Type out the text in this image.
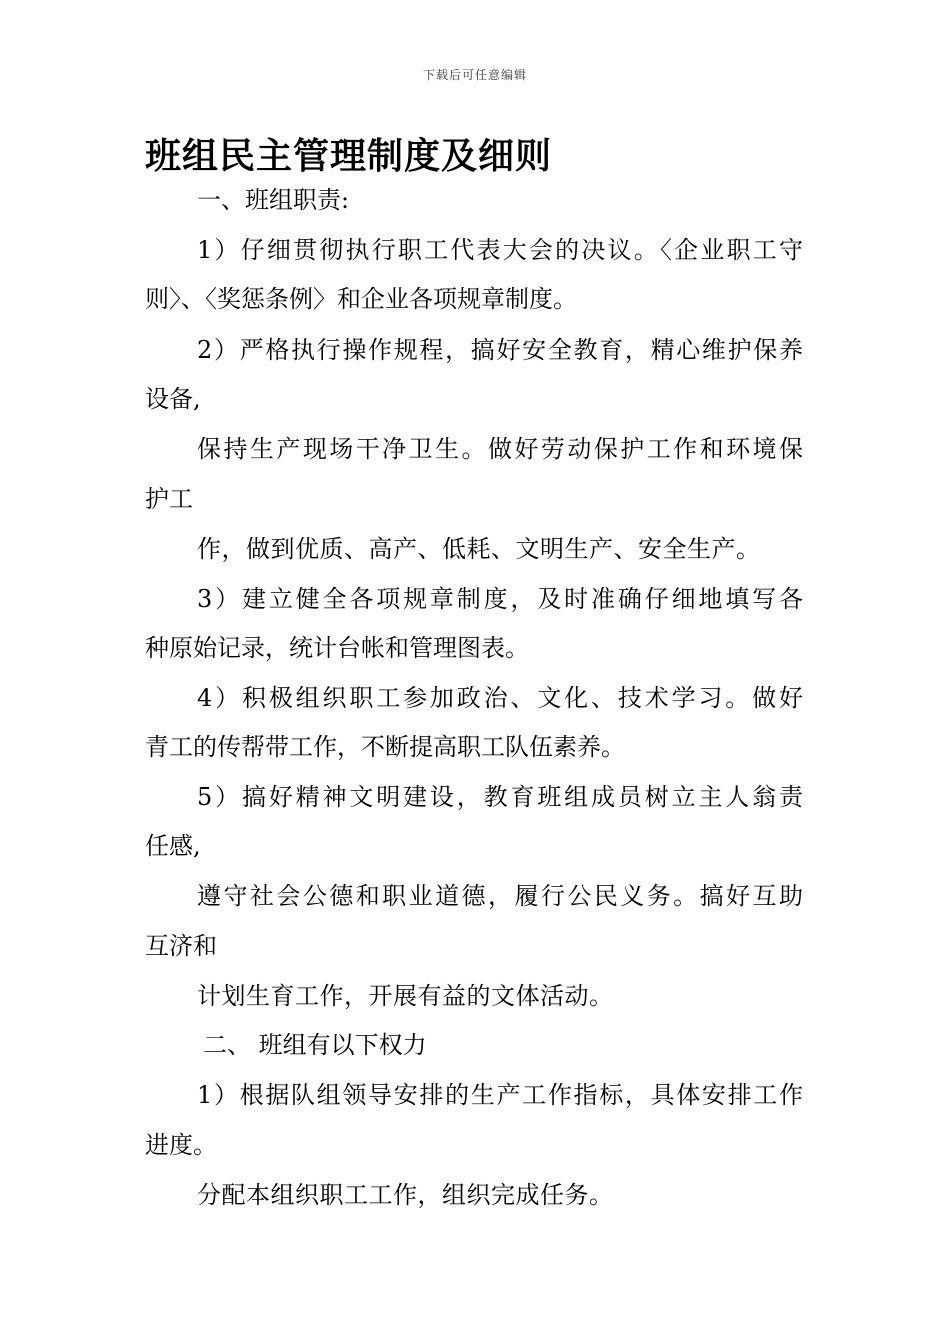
下载后可任意编辑
班组民主管理制度及细则
一、班组职责:
1）仔细贯彻执行职工代表大会的决议。〈企业职工守
则〉、〈奖惩条例〉和企业各项规章制度。
2）严格执行操作规程，搞好安全教育，精心维护保养
设备,
保持生产现场干净卫生。做好劳动保护工作和环境保
护工
作，做到优质、高产、低耗、文明生产、安全生产。
3）建立健全各项规章制度，及时准确仔细地填写各
种原始记录，统计台帐和管理图表。
4）积极组织职工参加政治、文化、技术学习。做好
青工的传帮带工作，不断提高职工队伍素养。
5）搞好精神文明建设，教育班组成员树立主人翁责
任感,
遵守社会公德和职业道德，履行公民义务。搞好互助
互济和
计划生育工作，开展有益的文体活动。
二、 班组有以下权力
1）根据队组领导安排的生产工作指标，具体安排工作
进度。
分配本组织职工工作，组织完成任务。
